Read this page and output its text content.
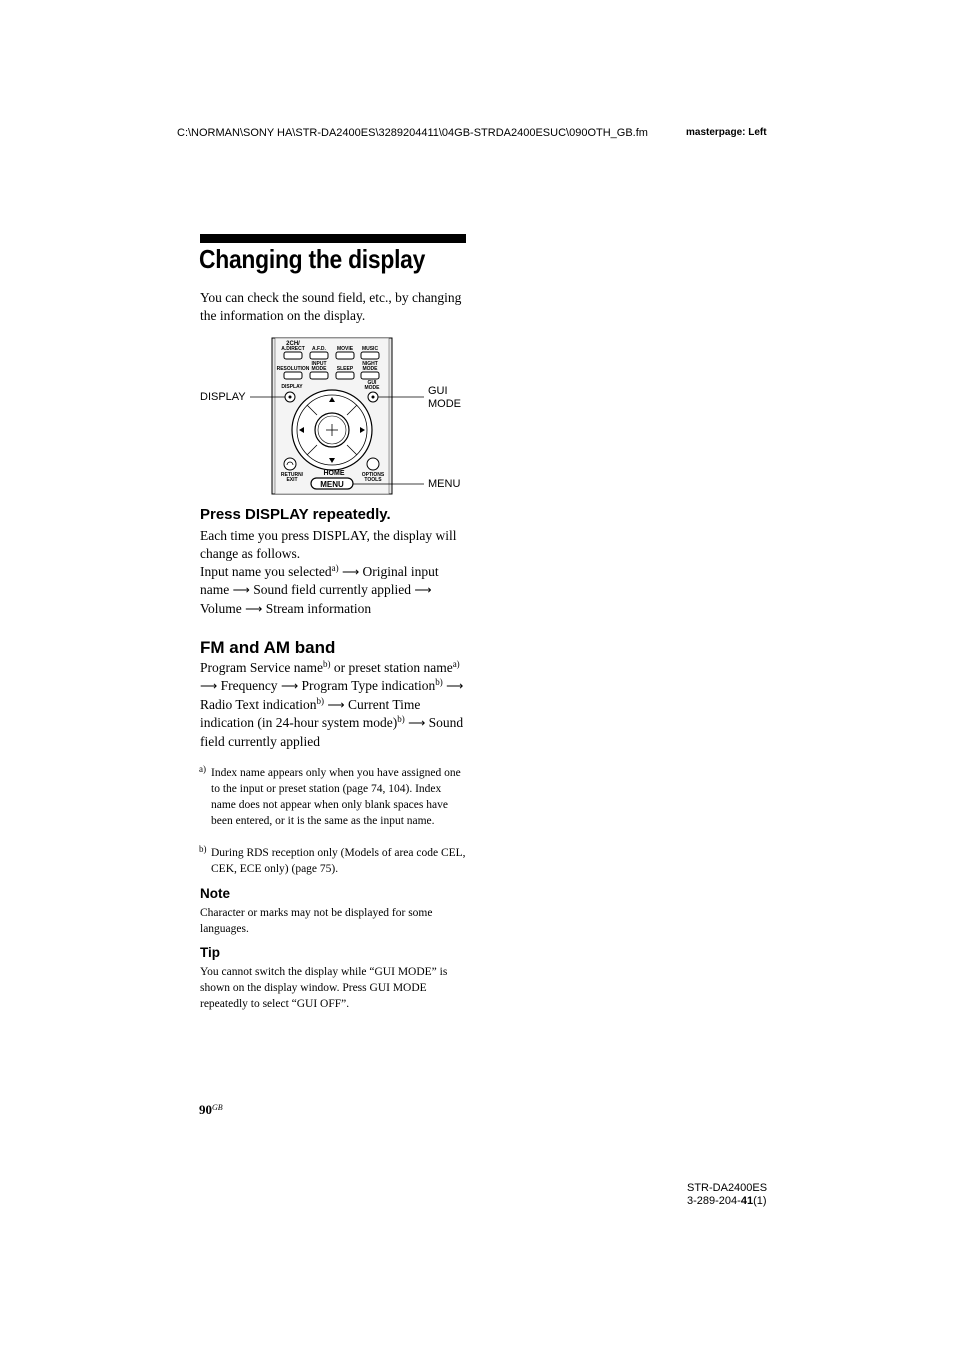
C:\NORMAN\SONY HA\STR-DA2400ES\3289204411\04GB-STRDA2400ESUC\090OTH_GB.fm	masterpage: Left
Changing the display
You can check the sound field, etc., by changing the information on the display.
2CH/
A.DIRECT A.F.D. MOVIE MUSIC
INPUT	NIGHT
RESOLUTION MODE SLEEP MODE
DISPLAY
GUI
MODE
RETURN/
EXIT
HOME	OPTIONS
TOOLS
MENU
DISPLAY	GUI
MODE
MENU
Press DISPLAY repeatedly.
Each time you press DISPLAY, the display will change as follows.
Input name you selected$^{a)}$ ⟶ Original input name ⟶ Sound field currently applied ⟶ Volume ⟶ Stream information
FM and AM band
Program Service name$^{b)}$ or preset station name$^{a)}$ ⟶ Frequency ⟶ Program Type indication$^{b)}$ ⟶ Radio Text indication$^{b)}$ ⟶ Current Time indication (in 24-hour system mode)$^{b)}$ ⟶ Sound field currently applied
a) Index name appears only when you have assigned one to the input or preset station (page 74, 104). Index name does not appear when only blank spaces have been entered, or it is the same as the input name.
b) During RDS reception only (Models of area code CEL, CEK, ECE only) (page 75).
Note
Character or marks may not be displayed for some languages.
Tip
You cannot switch the display while “GUI MODE” is shown on the display window. Press GUI MODE repeatedly to select “GUI OFF”.
$90^{GB}$
STR-DA2400ES
3-289-204-41(1)
